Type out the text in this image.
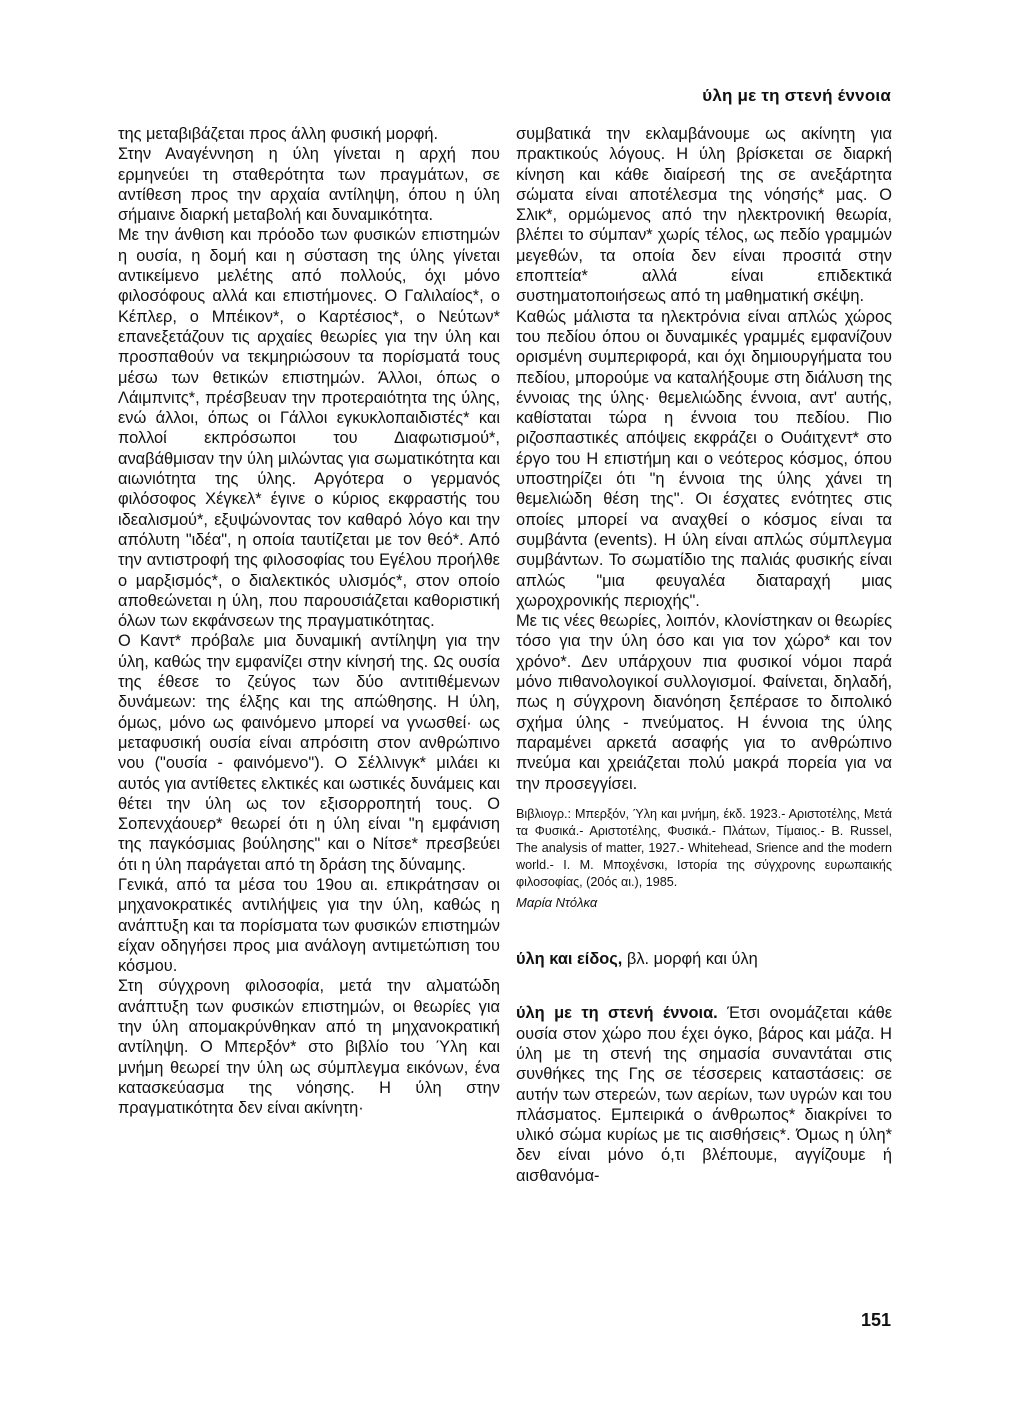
ύλη με τη στενή έννοια

της μεταβιβάζεται προς άλλη φυσική μορφή.

Στην Αναγέννηση η ύλη γίνεται η αρχή που ερμηνεύει τη σταθερότητα των πραγμάτων, σε αντίθεση προς την αρχαία αντίληψη, όπου η ύλη σήμαινε διαρκή μεταβολή και δυναμικότητα.

Με την άνθιση και πρόοδο των φυσικών επιστημών η ουσία, η δομή και η σύσταση της ύλης γίνεται αντικείμενο μελέτης από πολλούς, όχι μόνο φιλοσόφους αλλά και επιστήμονες. Ο Γαλιλαίος*, ο Κέπλερ, ο Μπέικον*, ο Καρτέσιος*, ο Νεύτων* επανεξετάζουν τις αρχαίες θεωρίες για την ύλη και προσπαθούν να τεκμηριώσουν τα πορίσματά τους μέσω των θετικών επιστημών. Άλλοι, όπως ο Λάιμπνιτς*, πρέσβευαν την προτεραιότητα της ύλης, ενώ άλλοι, όπως οι Γάλλοι εγκυκλοπαιδιστές* και πολλοί εκπρόσωποι του Διαφωτισμού*, αναβάθμισαν την ύλη μιλώντας για σωματικότητα και αιωνιότητα της ύλης. Αργότερα ο γερμανός φιλόσοφος Χέγκελ* έγινε ο κύριος εκφραστής του ιδεαλισμού*, εξυψώνοντας τον καθαρό λόγο και την απόλυτη "ιδέα", η οποία ταυτίζεται με τον θεό*. Από την αντιστροφή της φιλοσοφίας του Εγέλου προήλθε ο μαρξισμός*, ο διαλεκτικός υλισμός*, στον οποίο αποθεώνεται η ύλη, που παρουσιάζεται καθοριστική όλων των εκφάνσεων της πραγματικότητας.

Ο Καντ* πρόβαλε μια δυναμική αντίληψη για την ύλη, καθώς την εμφανίζει στην κίνησή της. Ως ουσία της έθεσε το ζεύγος των δύο αντιτιθέμενων δυνάμεων: της έλξης και της απώθησης. Η ύλη, όμως, μόνο ως φαινόμενο μπορεί να γνωσθεί· ως μεταφυσική ουσία είναι απρόσιτη στον ανθρώπινο νου ("ουσία - φαινόμενο"). Ο Σέλλινγκ* μιλάει κι αυτός για αντίθετες ελκτικές και ωστικές δυνάμεις και θέτει την ύλη ως τον εξισορροπητή τους. Ο Σοπενχάουερ* θεωρεί ότι η ύλη είναι "η εμφάνιση της παγκόσμιας βούλησης" και ο Νίτσε* πρεσβεύει ότι η ύλη παράγεται από τη δράση της δύναμης.

Γενικά, από τα μέσα του 19ου αι. επικράτησαν οι μηχανοκρατικές αντιλήψεις για την ύλη, καθώς η ανάπτυξη και τα πορίσματα των φυσικών επιστημών είχαν οδηγήσει προς μια ανάλογη αντιμετώπιση του κόσμου.

Στη σύγχρονη φιλοσοφία, μετά την αλματώδη ανάπτυξη των φυσικών επιστημών, οι θεωρίες για την ύλη απομακρύνθηκαν από τη μηχανοκρατική αντίληψη. Ο Μπερξόν* στο βιβλίο του Ύλη και μνήμη θεωρεί την ύλη ως σύμπλεγμα εικόνων, ένα κατασκεύασμα της νόησης. Η ύλη στην πραγματικότητα δεν είναι ακίνητη·

συμβατικά την εκλαμβάνουμε ως ακίνητη για πρακτικούς λόγους. Η ύλη βρίσκεται σε διαρκή κίνηση και κάθε διαίρεσή της σε ανεξάρτητα σώματα είναι αποτέλεσμα της νόησής* μας. Ο Σλικ*, ορμώμενος από την ηλεκτρονική θεωρία, βλέπει το σύμπαν* χωρίς τέλος, ως πεδίο γραμμών μεγεθών, τα οποία δεν είναι προσιτά στην εποπτεία* αλλά είναι επιδεκτικά συστηματοποιήσεως από τη μαθηματική σκέψη.

Καθώς μάλιστα τα ηλεκτρόνια είναι απλώς χώρος του πεδίου όπου οι δυναμικές γραμμές εμφανίζουν ορισμένη συμπεριφορά, και όχι δημιουργήματα του πεδίου, μπορούμε να καταλήξουμε στη διάλυση της έννοιας της ύλης· θεμελιώδης έννοια, αντ' αυτής, καθίσταται τώρα η έννοια του πεδίου. Πιο ριζοσπαστικές απόψεις εκφράζει ο Ουάιτχεντ* στο έργο του Η επιστήμη και ο νεότερος κόσμος, όπου υποστηρίζει ότι "η έννοια της ύλης χάνει τη θεμελιώδη θέση της". Οι έσχατες ενότητες στις οποίες μπορεί να αναχθεί ο κόσμος είναι τα συμβάντα (events). Η ύλη είναι απλώς σύμπλεγμα συμβάντων. Το σωματίδιο της παλιάς φυσικής είναι απλώς "μια φευγαλέα διαταραχή μιας χωροχρονικής περιοχής".

Με τις νέες θεωρίες, λοιπόν, κλονίστηκαν οι θεωρίες τόσο για την ύλη όσο και για τον χώρο* και τον χρόνο*. Δεν υπάρχουν πια φυσικοί νόμοι παρά μόνο πιθανολογικοί συλλογισμοί. Φαίνεται, δηλαδή, πως η σύγχρονη διανόηση ξεπέρασε το διπολικό σχήμα ύλης - πνεύματος. Η έννοια της ύλης παραμένει αρκετά ασαφής για το ανθρώπινο πνεύμα και χρειάζεται πολύ μακρά πορεία για να την προσεγγίσει.

Βιβλιογρ.: Μπερξόν, Ύλη και μνήμη, έκδ. 1923.- Αριστοτέλης, Μετά τα Φυσικά.- Αριστοτέλης, Φυσικά.- Πλάτων, Τίμαιος.- B. Russel, The analysis of matter, 1927.- Whitehead, Srience and the modern world.- I. M. Μποχένσκι, Ιστορία της σύγχρονης ευρωπαικής φιλοσοφίας, (20ός αι.), 1985.

Μαρία Ντόλκα

ύλη και είδος, βλ. μορφή και ύλη

ύλη με τη στενή έννοια. Έτσι ονομάζεται κάθε ουσία στον χώρο που έχει όγκο, βάρος και μάζα. Η ύλη με τη στενή της σημασία συναντάται στις συνθήκες της Γης σε τέσσερεις καταστάσεις: σε αυτήν των στερεών, των αερίων, των υγρών και του πλάσματος. Εμπειρικά ο άνθρωπος* διακρίνει το υλικό σώμα κυρίως με τις αισθήσεις*. Όμως η ύλη* δεν είναι μόνο ό,τι βλέπουμε, αγγίζουμε ή αισθανόμα-

151
